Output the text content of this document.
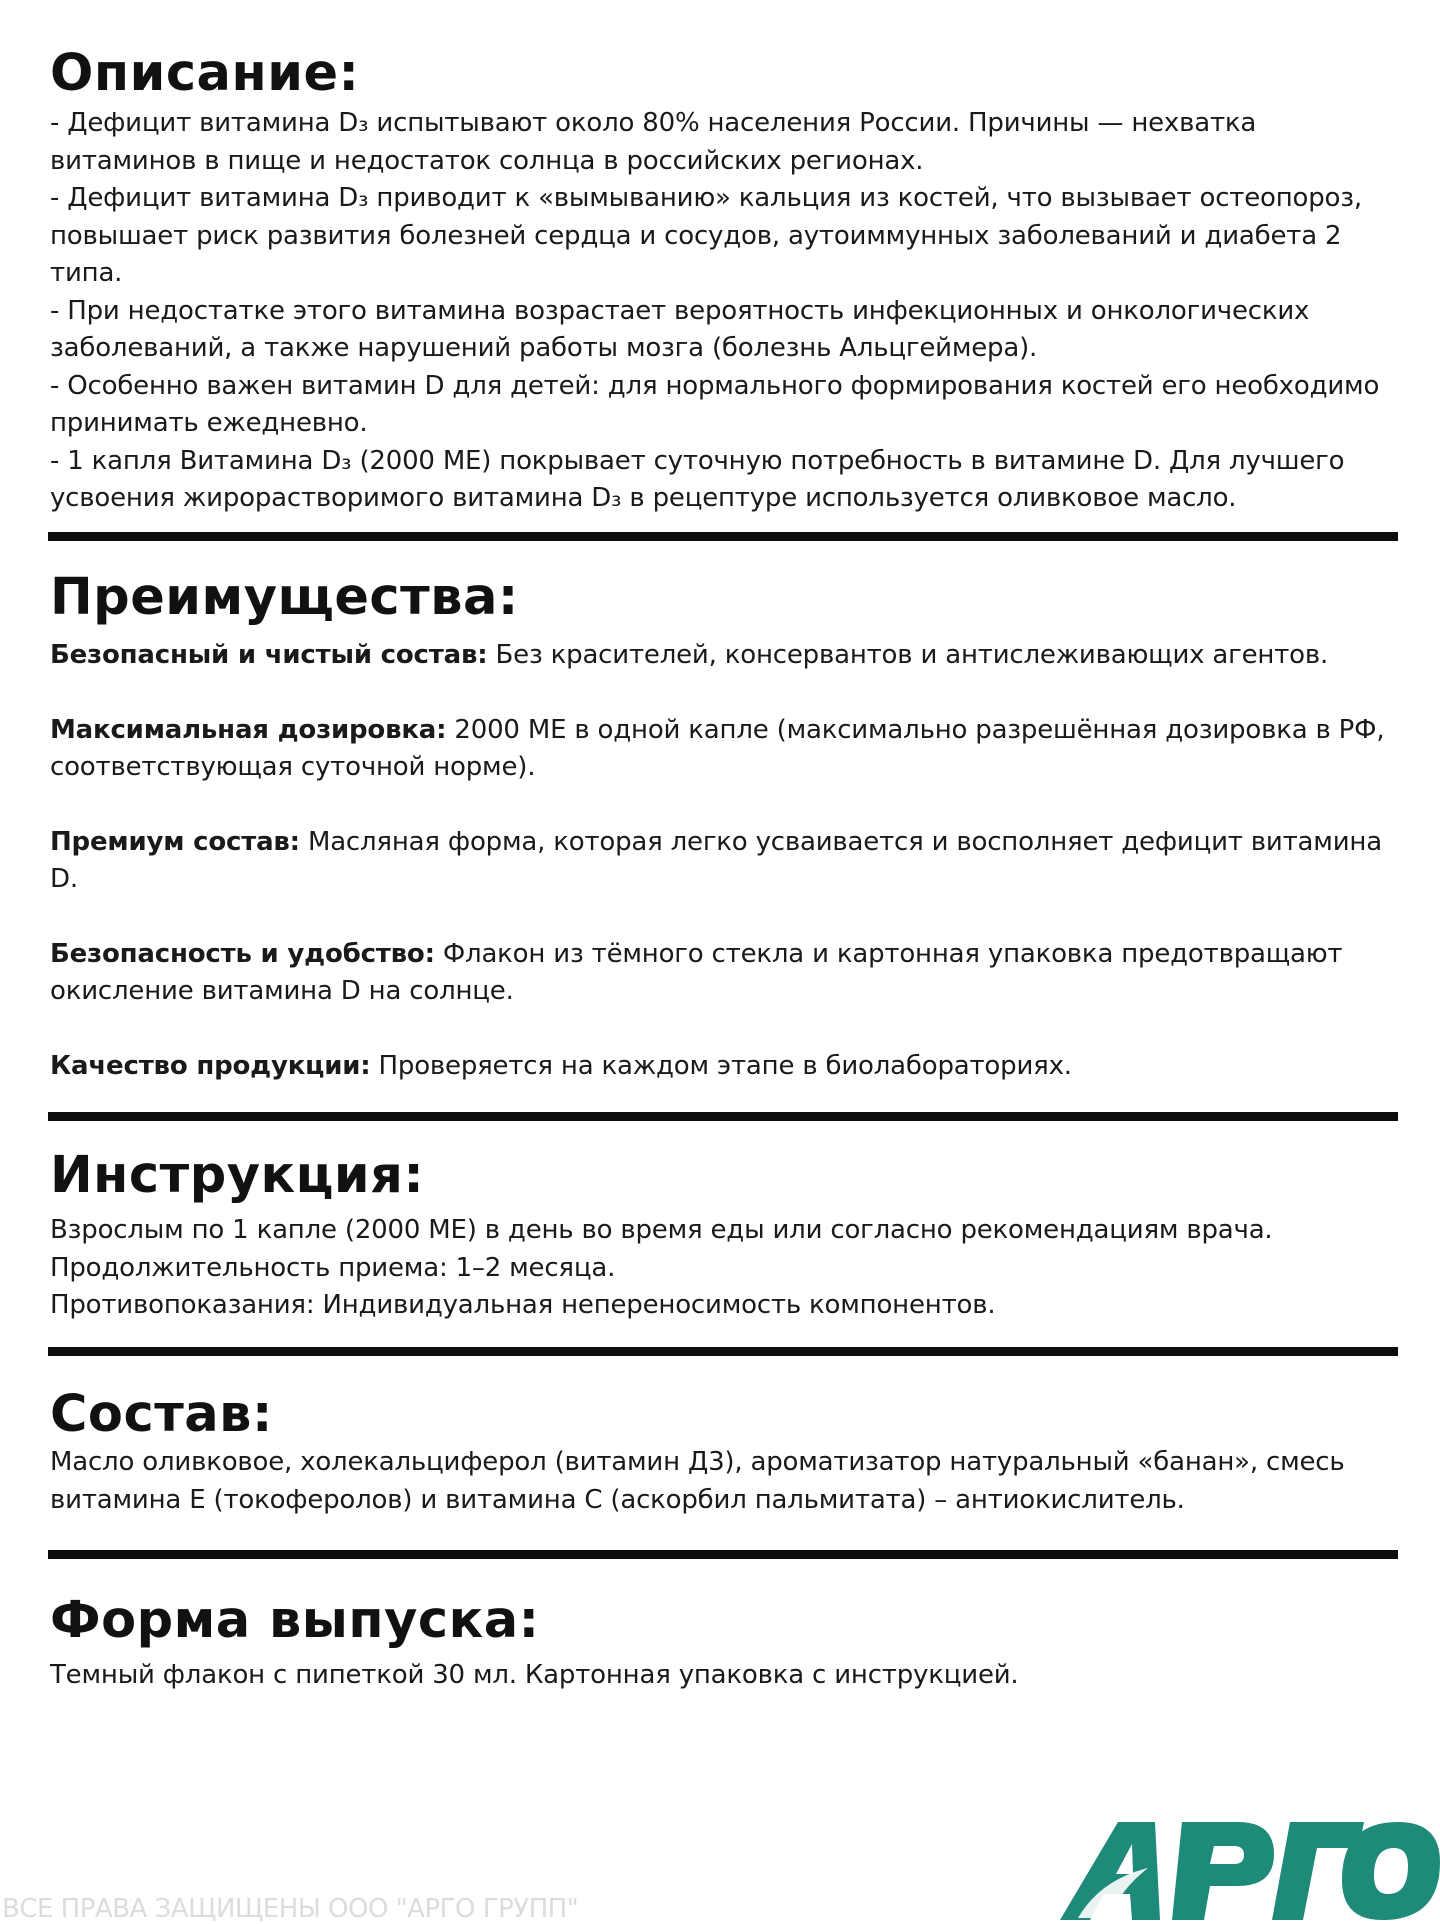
Описание:

- Дефицит витамина D₃ испытывают около 80% населения России. Причины — нехватка витаминов в пище и недостаток солнца в российских регионах.

- Дефицит витамина D₃ приводит к «вымыванию» кальция из костей, что вызывает остеопороз, повышает риск развития болезней сердца и сосудов, аутоиммунных заболеваний и диабета 2 типа.

- При недостатке этого витамина возрастает вероятность инфекционных и онкологических заболеваний, а также нарушений работы мозга (болезнь Альцгеймера).

- Особенно важен витамин D для детей: для нормального формирования костей его необходимо принимать ежедневно.

- 1 капля Витамина D₃ (2000 МЕ) покрывает суточную потребность в витамине D. Для лучшего усвоения жирорастворимого витамина D₃ в рецептуре используется оливковое масло.

Преимущества:

Безопасный и чистый состав: Без красителей, консервантов и антислеживающих агентов.

Максимальная дозировка: 2000 МЕ в одной капле (максимально разрешённая дозировка в РФ, соответствующая суточной норме).

Премиум состав: Масляная форма, которая легко усваивается и восполняет дефицит витамина D.

Безопасность и удобство: Флакон из тёмного стекла и картонная упаковка предотвращают окисление витамина D на солнце.

Качество продукции: Проверяется на каждом этапе в биолабораториях.

Инструкция:

Взрослым по 1 капле (2000 МЕ) в день во время еды или согласно рекомендациям врача.

Продолжительность приема: 1–2 месяца.

Противопоказания: Индивидуальная непереносимость компонентов.

Состав:

Масло оливковое, холекальциферол (витамин Д3), ароматизатор натуральный «банан», смесь витамина Е (токоферолов) и витамина С (аскорбил пальмитата) – антиокислитель.

Форма выпуска:

Темный флакон с пипеткой 30 мл. Картонная упаковка с инструкцией.

ВСЕ ПРАВА ЗАЩИЩЕНЫ ООО "АРГО ГРУПП"
